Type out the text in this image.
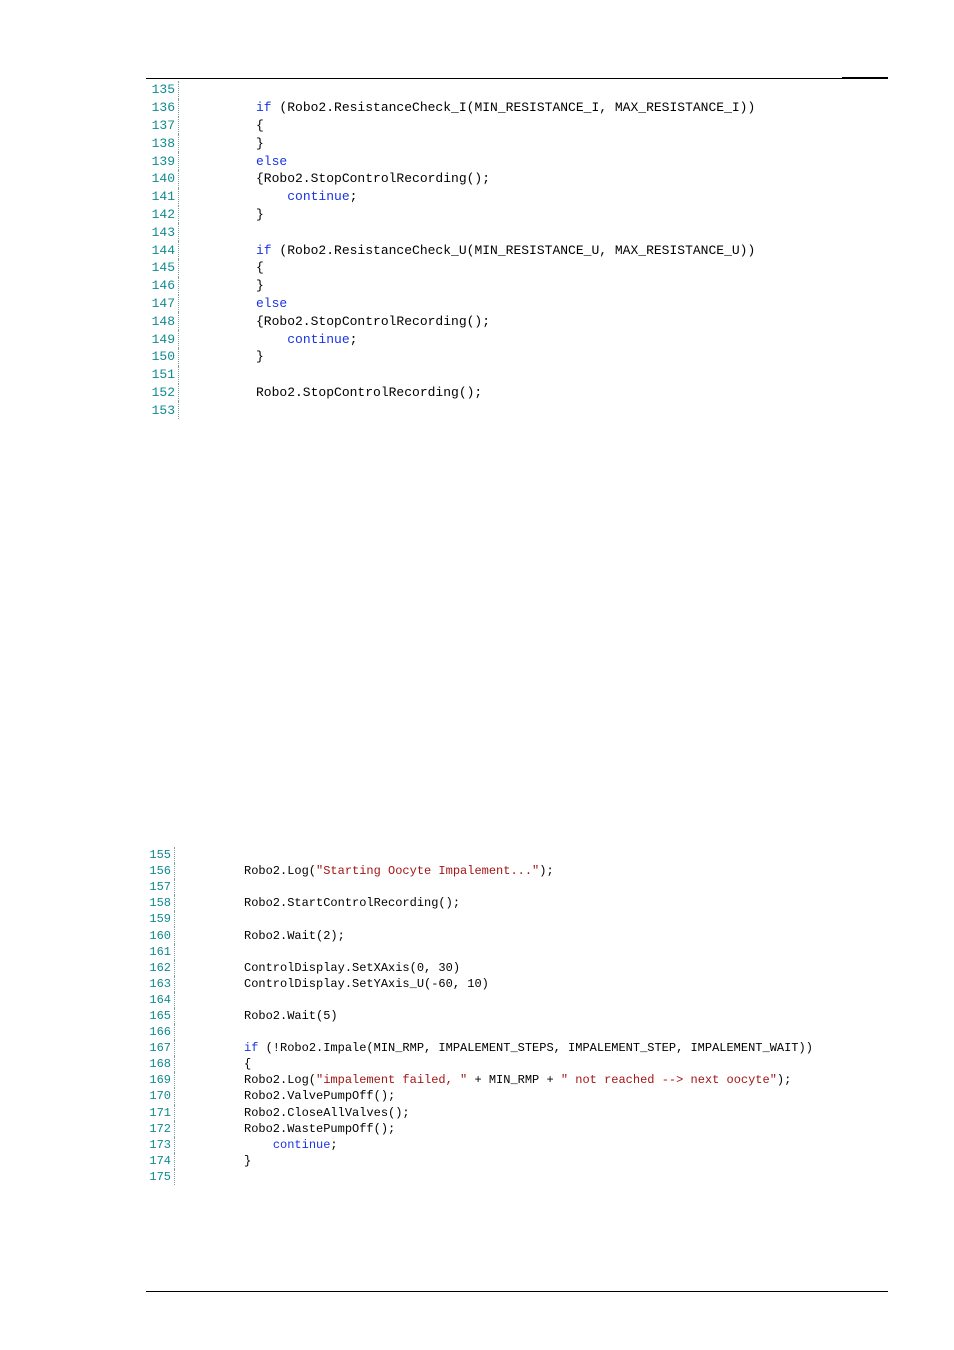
135
136	if (Robo2.ResistanceCheck_I(MIN_RESISTANCE_I, MAX_RESISTANCE_I))
137	{
138	}
139	else
140	{Robo2.StopControlRecording();
141
	continue ;
142	}
143
144	if (Robo2.ResistanceCheck_U(MIN_RESISTANCE_U, MAX_RESISTANCE_U))
145	{
146	}
147	else
148	{Robo2.StopControlRecording();
149
	continue ;
150	}
151
152	Robo2.StopControlRecording();
153
155
156	Robo2.Log( "Starting Oocyte Impalement..." );
157
158	Robo2.StartControlRecording();
159
160	Robo2.Wait(2);
161
162	ControlDisplay.SetXAxis(0, 30)
163	ControlDisplay.SetYAxis_U(-60, 10)
164
165	Robo2.Wait(5)
166
167	if (!Robo2.Impale(MIN_RMP, IMPALEMENT_STEPS, IMPALEMENT_STEP, IMPALEMENT_WAIT))
168	{
169	Robo2.Log( "impalement failed, " + MIN_RMP + " not reached --> next oocyte" );
170	Robo2.ValvePumpOff();
171	Robo2.CloseAllValves();
172	Robo2.WastePumpOff();
173
	continue ;
174	}
175
